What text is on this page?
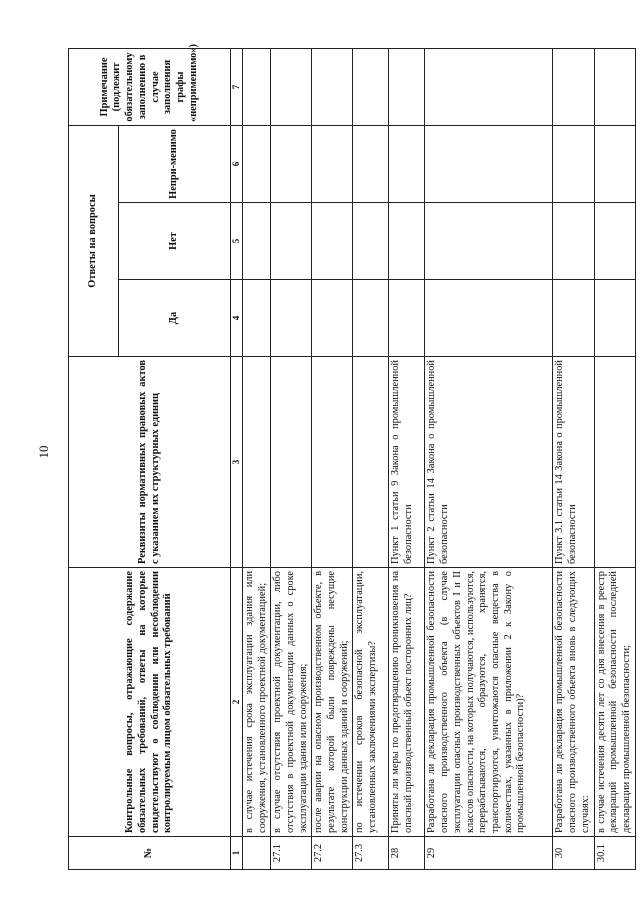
10
№	Контрольные вопросы, отражающие содержание обязательных требований, ответы на которые свидетельствуют о соблюдении или несоблюдении контролируемым лицом обязательных требований	Реквизиты нормативных правовых актов с указанием их структурных единиц	Ответы на вопросы			Примечание (подлежит обязательному заполнению в случае заполнения графы «неприменимо»)
			Да	Нет	Непри-менимо	
1	2	3	4	5	6	7
	в случае истечения срока эксплуатации здания или сооружения, установленного проектной документацией;					
27.1	в случае отсутствия проектной документации, либо отсутствия в проектной документации данных о сроке эксплуатации здания или сооружения;					
27.2	после аварии на опасном производственном объекте, в результате которой были повреждены несущие конструкции данных зданий и сооружений;					
27.3	по истечении сроков безопасной эксплуатации, установленных заключениями экспертизы?					
28	Приняты ли меры по предотвращению проникновения на опасный производственный объект посторонних лиц?	Пункт 1 статьи 9 Закона о промышленной безопасности				
29	Разработана ли декларация промышленной безопасности опасного производственного объекта (в случае эксплуатации опасных производственных объектов I и II классов опасности, на которых получаются, используются, перерабатываются, образуются, хранятся, транспортируются, уничтожаются опасные вещества в количествах, указанных в приложении 2 к Закону о промышленной безопасности)?	Пункт 2 статьи 14 Закона о промышленной безопасности				
30	Разработана ли декларация промышленной безопасности опасного производственного объекта вновь в следующих случаях:	Пункт 3.1 статьи 14 Закона о промышленной безопасности				
30.1	в случае истечения десяти лет со дня внесения в реестр деклараций промышленной безопасности последней декларации промышленной безопасности;					
